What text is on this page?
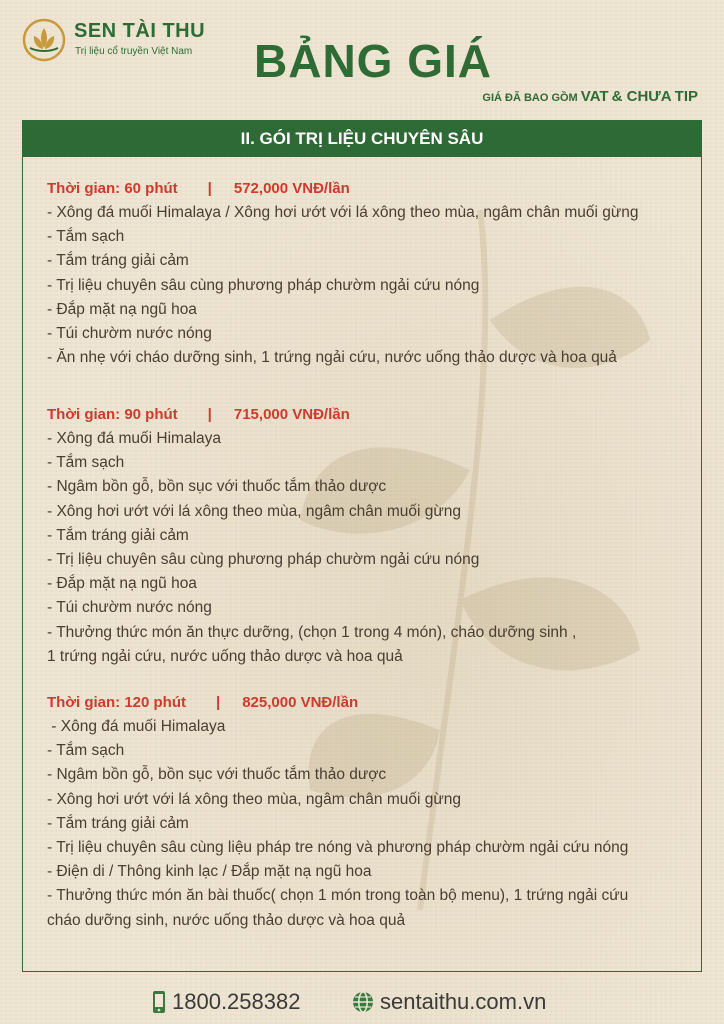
SEN TÀI THU
Trị liệu cổ truyền Việt Nam BẢNG GIÁ
GIÁ ĐÃ BAO GỒM VAT & CHƯA TIP
II. GÓI TRỊ LIỆU CHUYÊN SÂU
Thời gian: 60 phút | 572,000 VNĐ/lần
- Xông đá muối Himalaya / Xông hơi ướt với lá xông theo mùa, ngâm chân muối gừng
- Tắm sạch
- Tắm tráng giải cảm
- Trị liệu chuyên sâu cùng phương pháp chườm ngải cứu nóng
- Đắp mặt nạ ngũ hoa
- Túi chườm nước nóng
- Ăn nhẹ với cháo dưỡng sinh, 1 trứng ngải cứu, nước uống thảo dược và hoa quả
Thời gian: 90 phút | 715,000 VNĐ/lần
- Xông đá muối Himalaya
- Tắm sạch
- Ngâm bồn gỗ, bồn sục với thuốc tắm thảo dược
- Xông hơi ướt với lá xông theo mùa, ngâm chân muối gừng
- Tắm tráng giải cảm
- Trị liệu chuyên sâu cùng phương pháp chườm ngải cứu nóng
- Đắp mặt nạ ngũ hoa
- Túi chườm nước nóng
- Thưởng thức món ăn thực dưỡng, (chọn 1 trong 4 món), cháo dưỡng sinh ,
1 trứng ngải cứu, nước uống thảo dược và hoa quả
Thời gian: 120 phút | 825,000 VNĐ/lần
- Xông đá muối Himalaya
- Tắm sạch
- Ngâm bồn gỗ, bồn sục với thuốc tắm thảo dược
- Xông hơi ướt với lá xông theo mùa, ngâm chân muối gừng
- Tắm tráng giải cảm
- Trị liệu chuyên sâu cùng liệu pháp tre nóng và phương pháp chườm ngải cứu nóng
- Điện di / Thông kinh lạc / Đắp mặt nạ ngũ hoa
- Thưởng thức món ăn bài thuốc( chọn 1 món trong toàn bộ menu), 1 trứng ngải cứu
cháo dưỡng sinh, nước uống thảo dược và hoa quả
1800.258382	sentaithu.com.vn
